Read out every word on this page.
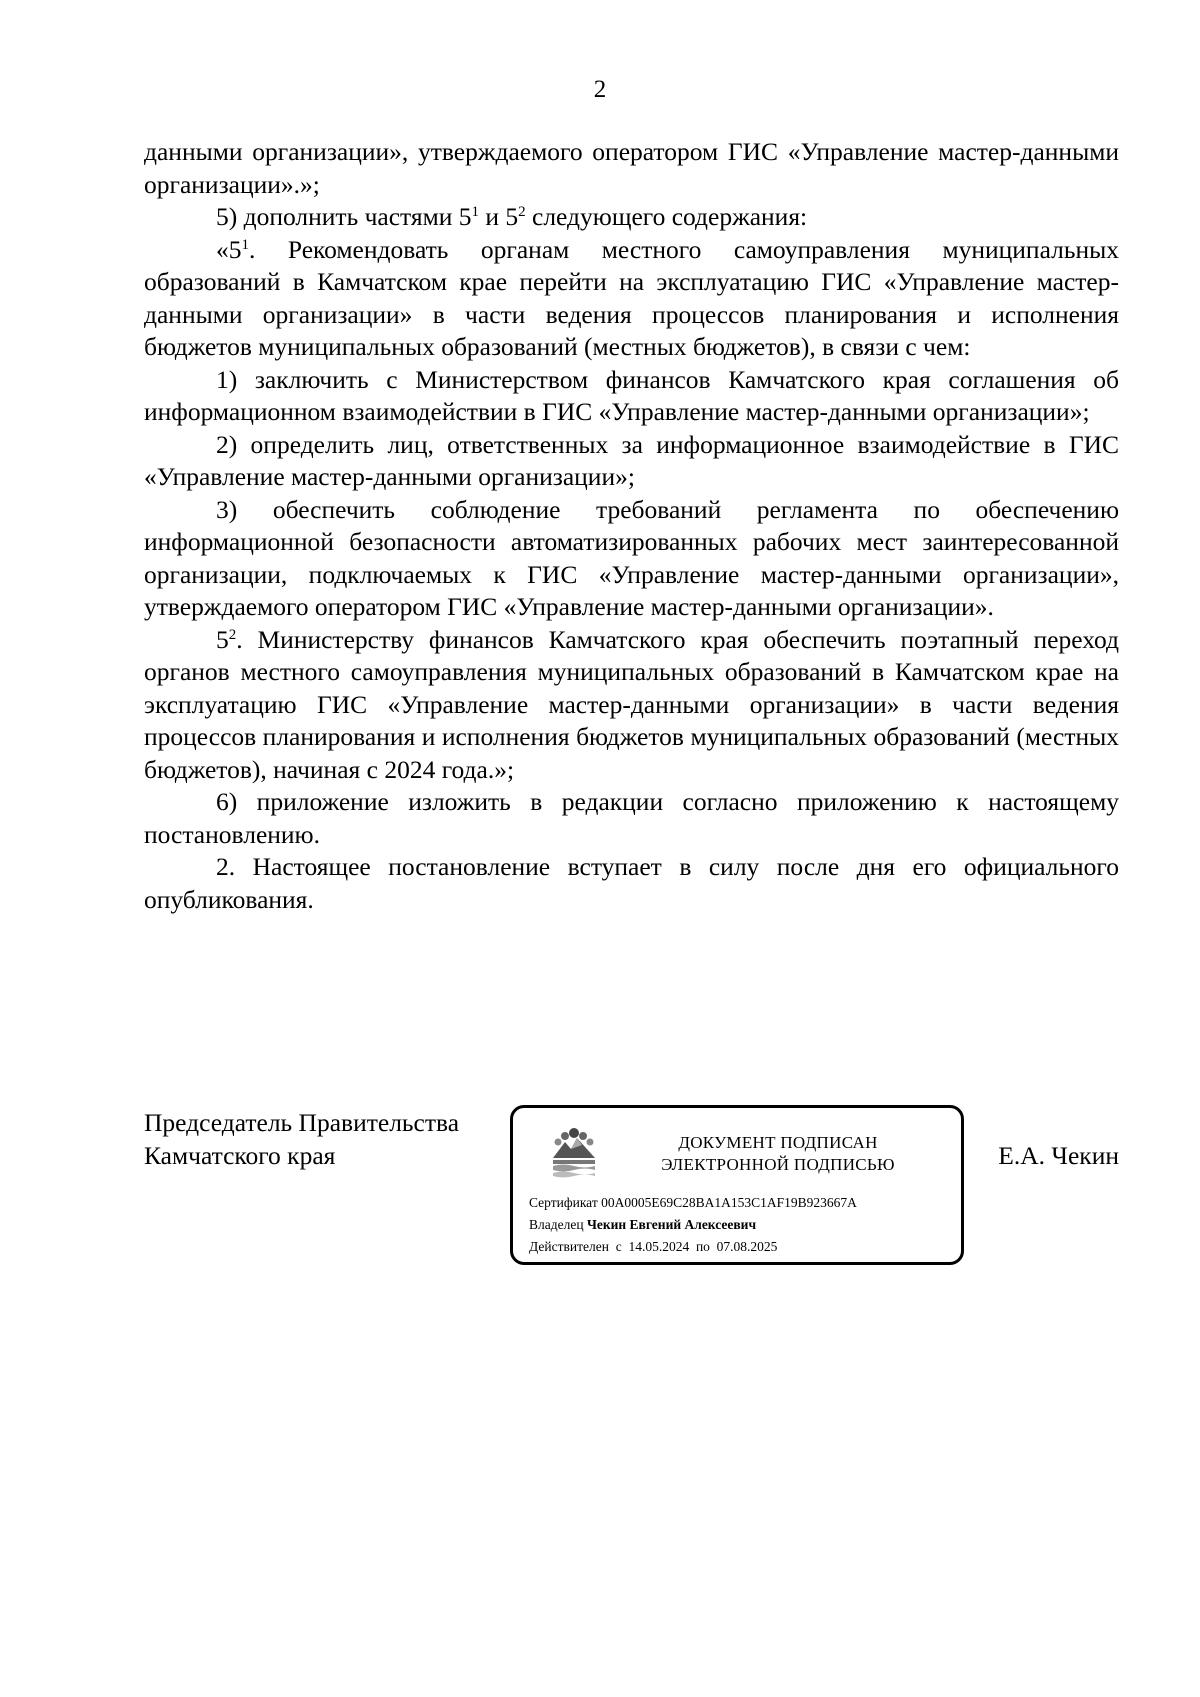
2

данными организации», утверждаемого оператором ГИС «Управление мастер-данными организации».»;

5) дополнить частями $5^1$ и $5^2$ следующего содержания:

«$5^1$. Рекомендовать органам местного самоуправления муниципальных образований в Камчатском крае перейти на эксплуатацию ГИС «Управление мастер-данными организации» в части ведения процессов планирования и исполнения бюджетов муниципальных образований (местных бюджетов), в связи с чем:

1) заключить с Министерством финансов Камчатского края соглашения об информационном взаимодействии в ГИС «Управление мастер-данными организации»;

2) определить лиц, ответственных за информационное взаимодействие в ГИС «Управление мастер-данными организации»;

3) обеспечить соблюдение требований регламента по обеспечению информационной безопасности автоматизированных рабочих мест заинтересованной организации, подключаемых к ГИС «Управление мастер-данными организации», утверждаемого оператором ГИС «Управление мастер-данными организации».

$5^2$. Министерству финансов Камчатского края обеспечить поэтапный переход органов местного самоуправления муниципальных образований в Камчатском крае на эксплуатацию ГИС «Управление мастер-данными организации» в части ведения процессов планирования и исполнения бюджетов муниципальных образований (местных бюджетов), начиная с 2024 года.»;

6) приложение изложить в редакции согласно приложению к настоящему постановлению.

2. Настоящее постановление вступает в силу после дня его официального опубликования.

Председатель Правительства
Камчатского края	ДОКУМЕНТ ПОДПИСАН
ЭЛЕКТРОННОЙ ПОДПИСЬЮ
Сертификат 00A0005E69C28BA1A153C1AF19B923667A
Владелец Чекин Евгений Алексеевич
Действителен с 14.05.2024 по 07.08.2025
Е.А. Чекин
